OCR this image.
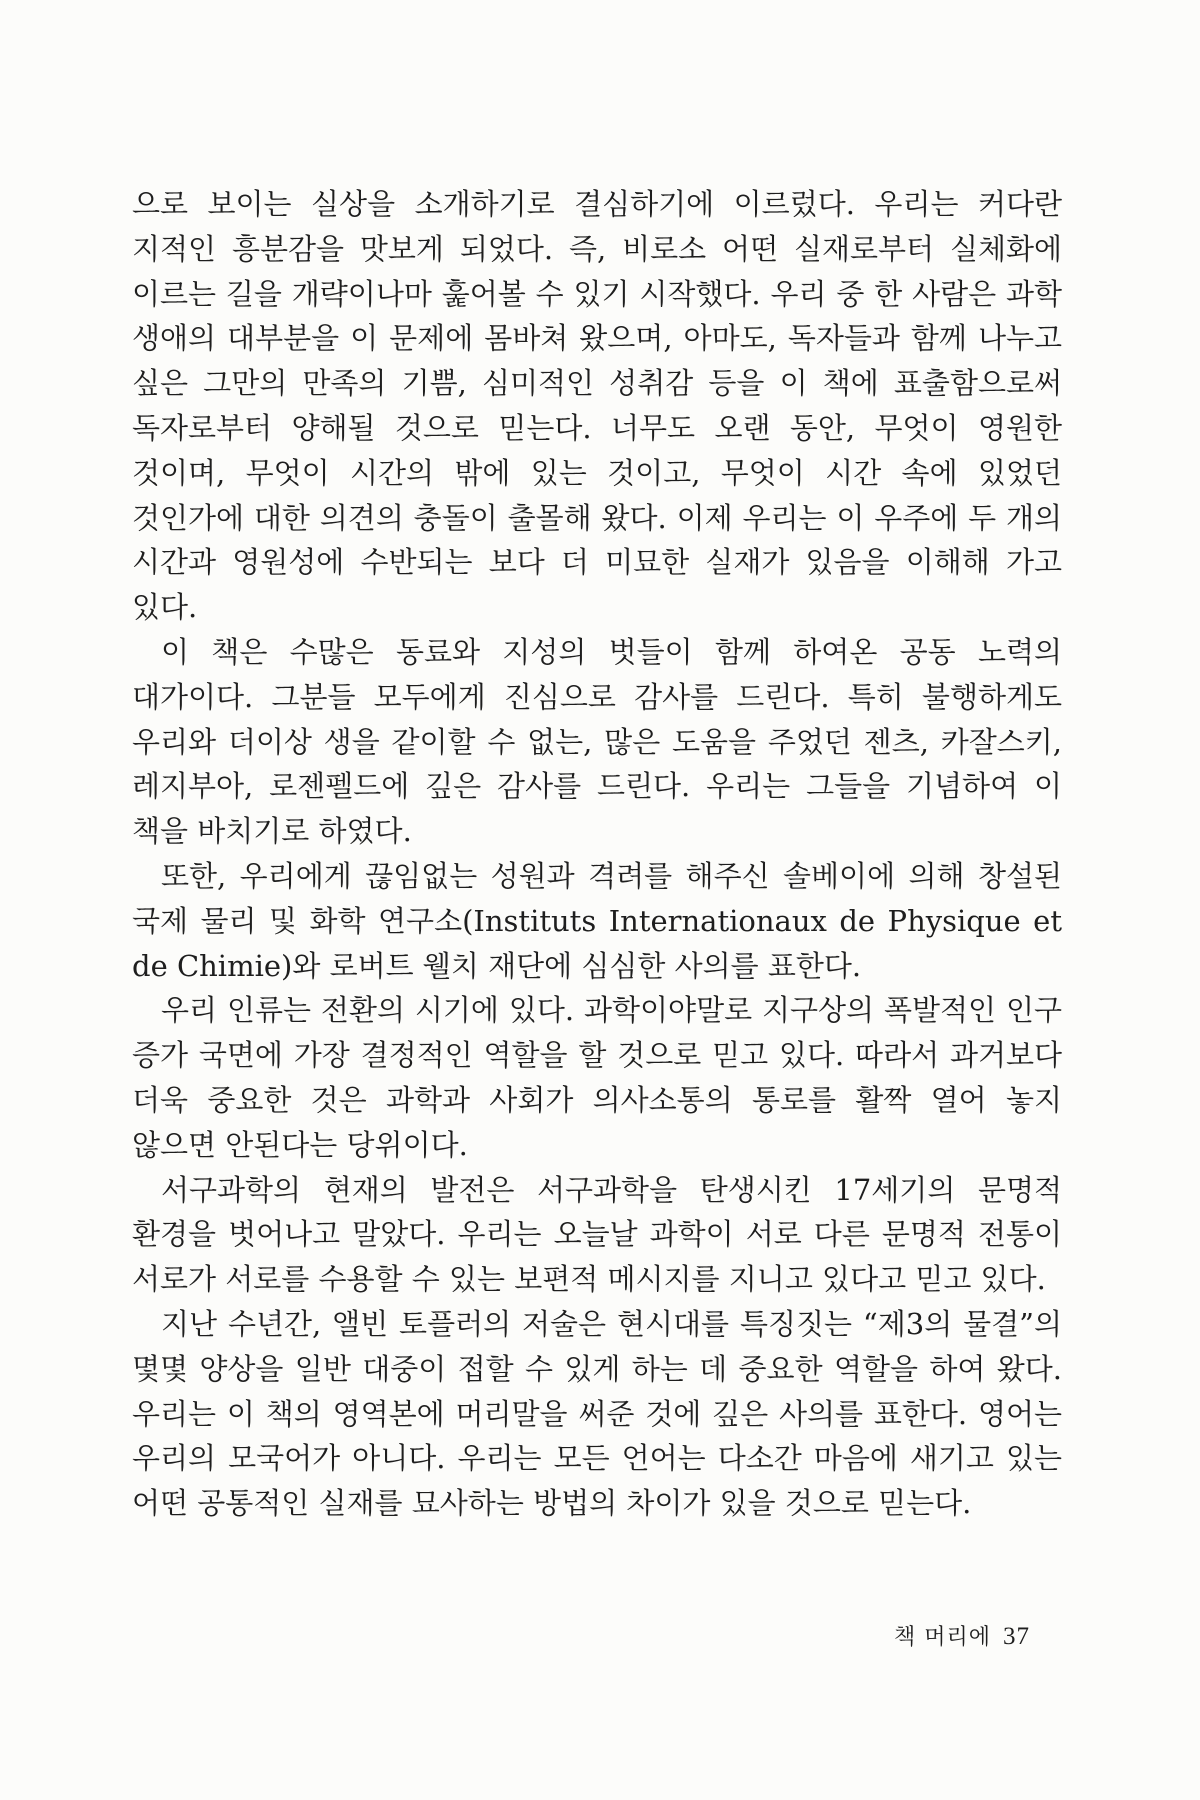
으로 보이는 실상을 소개하기로 결심하기에 이르렀다. 우리는 커다란 지적인 흥분감을 맛보게 되었다. 즉, 비로소 어떤 실재로부터 실체화에 이르는 길을 개략이나마 훑어볼 수 있기 시작했다. 우리 중 한 사람은 과학 생애의 대부분을 이 문제에 몸바쳐 왔으며, 아마도, 독자들과 함께 나누고 싶은 그만의 만족의 기쁨, 심미적인 성취감 등을 이 책에 표출함으로써 독자로부터 양해될 것으로 믿는다. 너무도 오랜 동안, 무엇이 영원한 것이며, 무엇이 시간의 밖에 있는 것이고, 무엇이 시간 속에 있었던 것인가에 대한 의견의 충돌이 출몰해 왔다. 이제 우리는 이 우주에 두 개의 시간과 영원성에 수반되는 보다 더 미묘한 실재가 있음을 이해해 가고 있다.

이 책은 수많은 동료와 지성의 벗들이 함께 하여온 공동 노력의 대가이다. 그분들 모두에게 진심으로 감사를 드린다. 특히 불행하게도 우리와 더이상 생을 같이할 수 없는, 많은 도움을 주었던 젠츠, 카잘스키, 레지부아, 로젠펠드에 깊은 감사를 드린다. 우리는 그들을 기념하여 이 책을 바치기로 하였다.

또한, 우리에게 끊임없는 성원과 격려를 해주신 솔베이에 의해 창설된 국제 물리 및 화학 연구소(Instituts Internationaux de Physique et de Chimie)와 로버트 웰치 재단에 심심한 사의를 표한다.

우리 인류는 전환의 시기에 있다. 과학이야말로 지구상의 폭발적인 인구 증가 국면에 가장 결정적인 역할을 할 것으로 믿고 있다. 따라서 과거보다 더욱 중요한 것은 과학과 사회가 의사소통의 통로를 활짝 열어 놓지 않으면 안된다는 당위이다.

서구과학의 현재의 발전은 서구과학을 탄생시킨 17세기의 문명적 환경을 벗어나고 말았다. 우리는 오늘날 과학이 서로 다른 문명적 전통이 서로가 서로를 수용할 수 있는 보편적 메시지를 지니고 있다고 믿고 있다.

지난 수년간, 앨빈 토플러의 저술은 현시대를 특징짓는 “제3의 물결”의 몇몇 양상을 일반 대중이 접할 수 있게 하는 데 중요한 역할을 하여 왔다. 우리는 이 책의 영역본에 머리말을 써준 것에 깊은 사의를 표한다. 영어는 우리의 모국어가 아니다. 우리는 모든 언어는 다소간 마음에 새기고 있는 어떤 공통적인 실재를 묘사하는 방법의 차이가 있을 것으로 믿는다.

책 머리에 37
